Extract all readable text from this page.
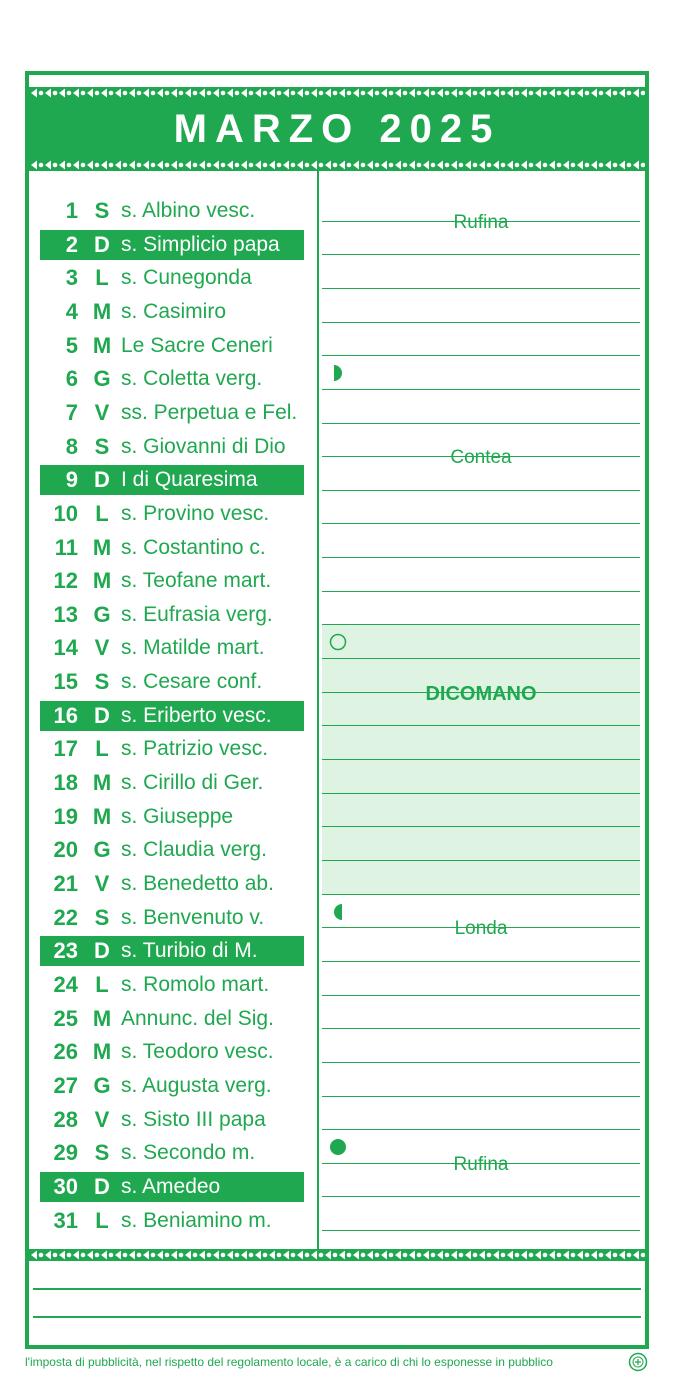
MARZO 2025
1 S s. Albino vesc.
2 D s. Simplicio papa
3 L s. Cunegonda
4 M s. Casimiro
5 M Le Sacre Ceneri
6 G s. Coletta verg.
7 V ss. Perpetua e Fel.
8 S s. Giovanni di Dio
9 D I di Quaresima
10 L s. Provino vesc.
11 M s. Costantino c.
12 M s. Teofane mart.
13 G s. Eufrasia verg.
14 V s. Matilde mart.
15 S s. Cesare conf.
16 D s. Eriberto vesc.
17 L s. Patrizio vesc.
18 M s. Cirillo di Ger.
19 M s. Giuseppe
20 G s. Claudia verg.
21 V s. Benedetto ab.
22 S s. Benvenuto v.
23 D s. Turibio di M.
24 L s. Romolo mart.
25 M Annunc. del Sig.
26 M s. Teodoro vesc.
27 G s. Augusta verg.
28 V s. Sisto III papa
29 S s. Secondo m.
30 D s. Amedeo
31 L s. Beniamino m.
Rufina
Contea
DICOMANO
Londa
Rufina
l'imposta di pubblicità, nel rispetto del regolamento locale, è a carico di chi lo esponesse in pubblico
